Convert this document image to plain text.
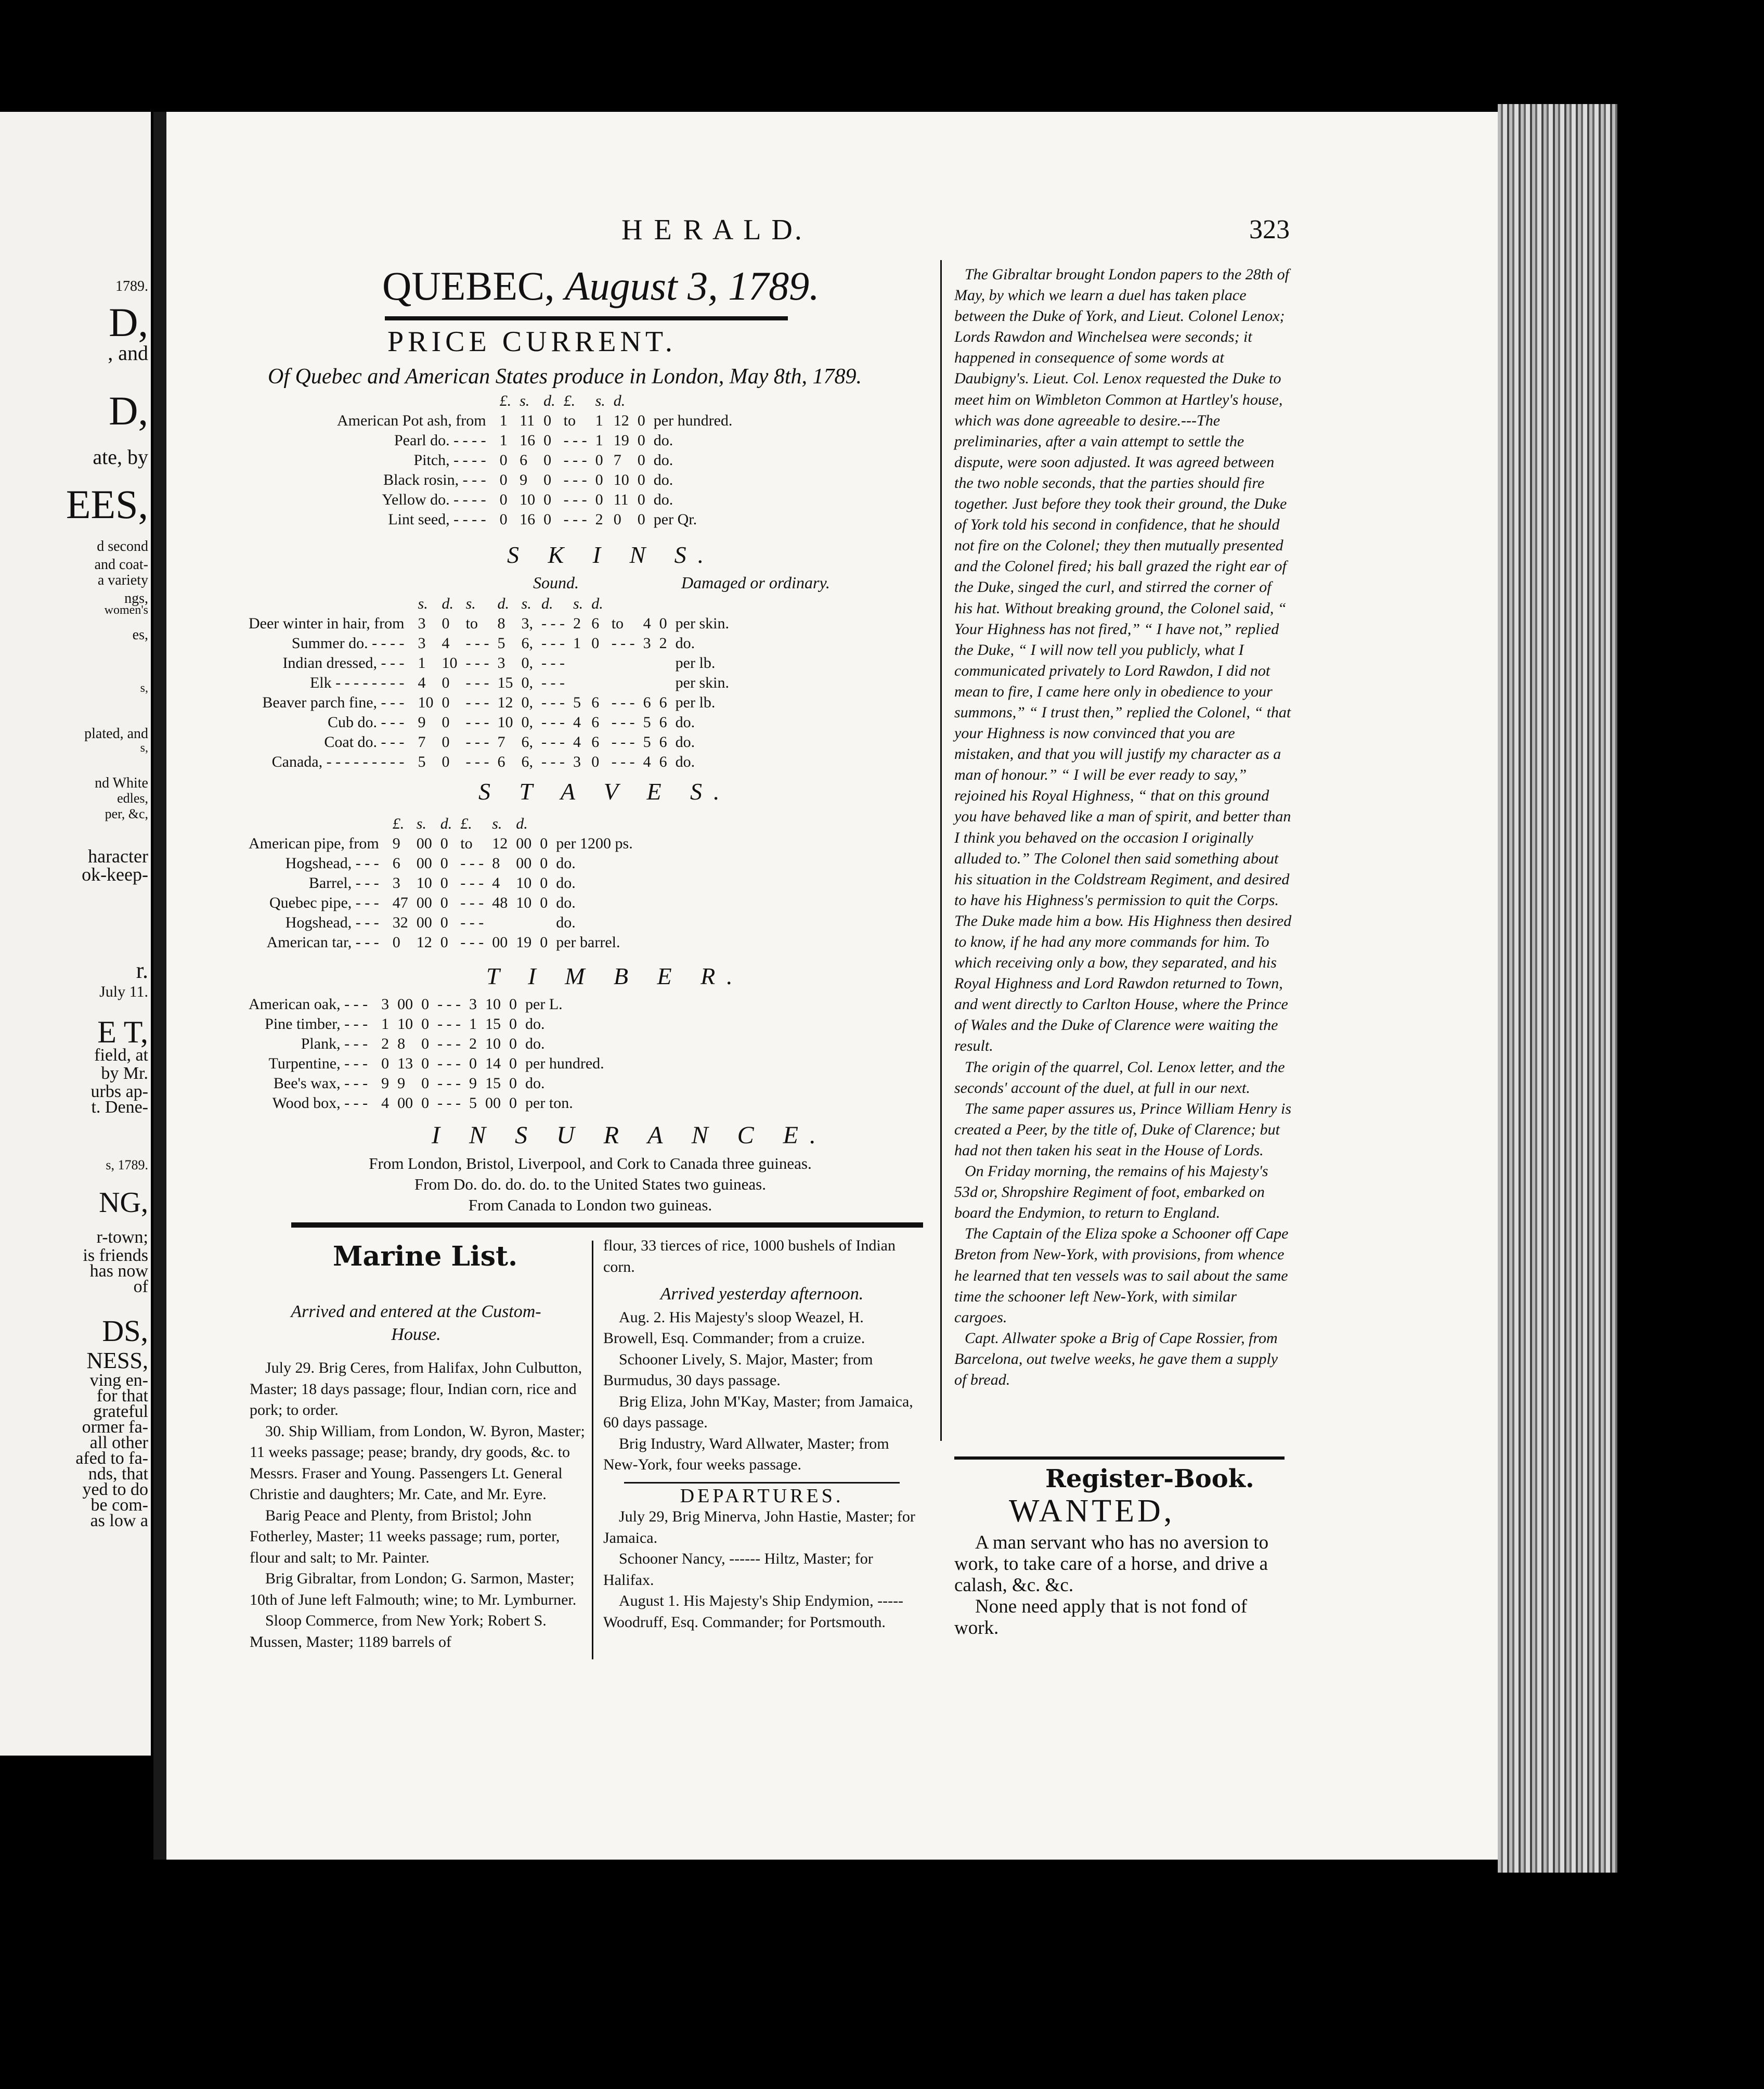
1789.
D,
, and
D,
ate, by
EES,
d second
and coat-
a variety
ngs,
women's
es,
s,
plated, and
s,
nd White
edles,
per, &c,
haracter
ok-keep-
r.
July 11.
E T,
field, at
by Mr.
urbs ap-
t. Dene-
s, 1789.
NG,
r-town;
is friends
has now
of
DS,
NESS,
ving en-
for that
grateful
ormer fa-
all other
afed to fa-
nds, that
yed to do
be com-
as low a
H E R A L D.	323
QUEBEC, August 3, 1789.
PRICE CURRENT.
Of Quebec and American States produce in London, May 8th, 1789.
	£.	s.	d.	£.	s.	d.		
American Pot ash, from	1	11	0	to	1	12	0	per hundred.
Pearl do. - - - -	1	16	0	- - -	1	19	0	do.
Pitch, - - - -	0	6	0	- - -	0	7	0	do.
Black rosin, - - -	0	9	0	- - -	0	10	0	do.
Yellow do. - - - -	0	10	0	- - -	0	11	0	do.
Lint seed, - - - -	0	16	0	- - -	2	0	0	per Qr.
S K I N S.
Sound.	Damaged or ordinary.
	s.	d.	s.	d.	s.	d.	s.	d.				
Deer winter in hair, from	3	0	to	8	3,	- - -	2	6	to	4	0	per skin.
Summer do. - - - -	3	4	- - -	5	6,	- - -	1	0	- - -	3	2	do.
Indian dressed, - - -	1	10	- - -	3	0,	- - -						per lb.
Elk - - - - - - - -	4	0	- - -	15	0,	- - -						per skin.
Beaver parch fine, - - -	10	0	- - -	12	0,	- - -	5	6	- - -	6	6	per lb.
Cub do. - - -	9	0	- - -	10	0,	- - -	4	6	- - -	5	6	do.
Coat do. - - -	7	0	- - -	7	6,	- - -	4	6	- - -	5	6	do.
Canada, - - - - - - - - -	5	0	- - -	6	6,	- - -	3	0	- - -	4	6	do.
S T A V E S.
	£.	s.	d.	£.	s.	d.		
American pipe, from	9	00	0	to	12	00	0	per 1200 ps.
Hogshead, - - -	6	00	0	- - -	8	00	0	do.
Barrel, - - -	3	10	0	- - -	4	10	0	do.
Quebec pipe, - - -	47	00	0	- - -	48	10	0	do.
Hogshead, - - -	32	00	0	- - -				do.
American tar, - - -	0	12	0	- - -	00	19	0	per barrel.
T I M B E R.
American oak, - - -	3	00	0	- - -	3	10	0	per L.
Pine timber, - - -	1	10	0	- - -	1	15	0	do.
Plank, - - -	2	8	0	- - -	2	10	0	do.
Turpentine, - - -	0	13	0	- - -	0	14	0	per hundred.
Bee's wax, - - -	9	9	0	- - -	9	15	0	do.
Wood box, - - -	4	00	0	- - -	5	00	0	per ton.
I N S U R A N C E.
From London, Bristol, Liverpool, and Cork to Canada three guineas.
From Do. do. do. do. to the United States two guineas.
From Canada to London two guineas.
Marine List.
Arrived and entered at the Custom-
House.

July 29. Brig Ceres, from Halifax, John Culbutton, Master; 18 days passage; flour, Indian corn, rice and pork; to order.

30. Ship William, from London, W. Byron, Master; 11 weeks passage; pease; brandy, dry goods, &c. to Messrs. Fraser and Young. Passengers Lt. General Christie and daughters; Mr. Cate, and Mr. Eyre.

Barig Peace and Plenty, from Bristol; John Fotherley, Master; 11 weeks passage; rum, porter, flour and salt; to Mr. Painter.

Brig Gibraltar, from London; G. Sarmon, Master; 10th of June left Falmouth; wine; to Mr. Lymburner.

Sloop Commerce, from New York; Robert S. Mussen, Master; 1189 barrels of

flour, 33 tierces of rice, 1000 bushels of Indian corn.

Arrived yesterday afternoon.

Aug. 2. His Majesty's sloop Weazel, H. Browell, Esq. Commander; from a cruize.

Schooner Lively, S. Major, Master; from Burmudus, 30 days passage.

Brig Eliza, John M'Kay, Master; from Jamaica, 60 days passage.

Brig Industry, Ward Allwater, Master; from New-York, four weeks passage.

DEPARTURES.

July 29, Brig Minerva, John Hastie, Master; for Jamaica.

Schooner Nancy, ------ Hiltz, Master; for Halifax.

August 1. His Majesty's Ship Endymion, ----- Woodruff, Esq. Commander; for Portsmouth.

The Gibraltar brought London papers to the 28th of May, by which we learn a duel has taken place between the Duke of York, and Lieut. Colonel Lenox; Lords Rawdon and Winchelsea were seconds; it happened in consequence of some words at Daubigny's. Lieut. Col. Lenox requested the Duke to meet him on Wimbleton Common at Hartley's house, which was done agreeable to desire.---The preliminaries, after a vain attempt to settle the dispute, were soon adjusted. It was agreed between the two noble seconds, that the parties should fire together. Just before they took their ground, the Duke of York told his second in confidence, that he should not fire on the Colonel; they then mutually presented and the Colonel fired; his ball grazed the right ear of the Duke, singed the curl, and stirred the corner of his hat. Without breaking ground, the Colonel said, “ Your Highness has not fired,” “ I have not,” replied the Duke, “ I will now tell you publicly, what I communicated privately to Lord Rawdon, I did not mean to fire, I came here only in obedience to your summons,” “ I trust then,” replied the Colonel, “ that your Highness is now convinced that you are mistaken, and that you will justify my character as a man of honour.” “ I will be ever ready to say,” rejoined his Royal Highness, “ that on this ground you have behaved like a man of spirit, and better than I think you behaved on the occasion I originally alluded to.” The Colonel then said something about his situation in the Coldstream Regiment, and desired to have his Highness's permission to quit the Corps. The Duke made him a bow. His Highness then desired to know, if he had any more commands for him. To which receiving only a bow, they separated, and his Royal Highness and Lord Rawdon returned to Town, and went directly to Carlton House, where the Prince of Wales and the Duke of Clarence were waiting the result.

The origin of the quarrel, Col. Lenox letter, and the seconds' account of the duel, at full in our next.

The same paper assures us, Prince William Henry is created a Peer, by the title of, Duke of Clarence; but had not then taken his seat in the House of Lords.

On Friday morning, the remains of his Majesty's 53d or, Shropshire Regiment of foot, embarked on board the Endymion, to return to England.

The Captain of the Eliza spoke a Schooner off Cape Breton from New-York, with provisions, from whence he learned that ten vessels was to sail about the same time the schooner left New-York, with similar cargoes.

Capt. Allwater spoke a Brig of Cape Rossier, from Barcelona, out twelve weeks, he gave them a supply of bread.

Register-Book.
WANTED,

A man servant who has no aversion to work, to take care of a horse, and drive a calash, &c. &c.

None need apply that is not fond of work.
